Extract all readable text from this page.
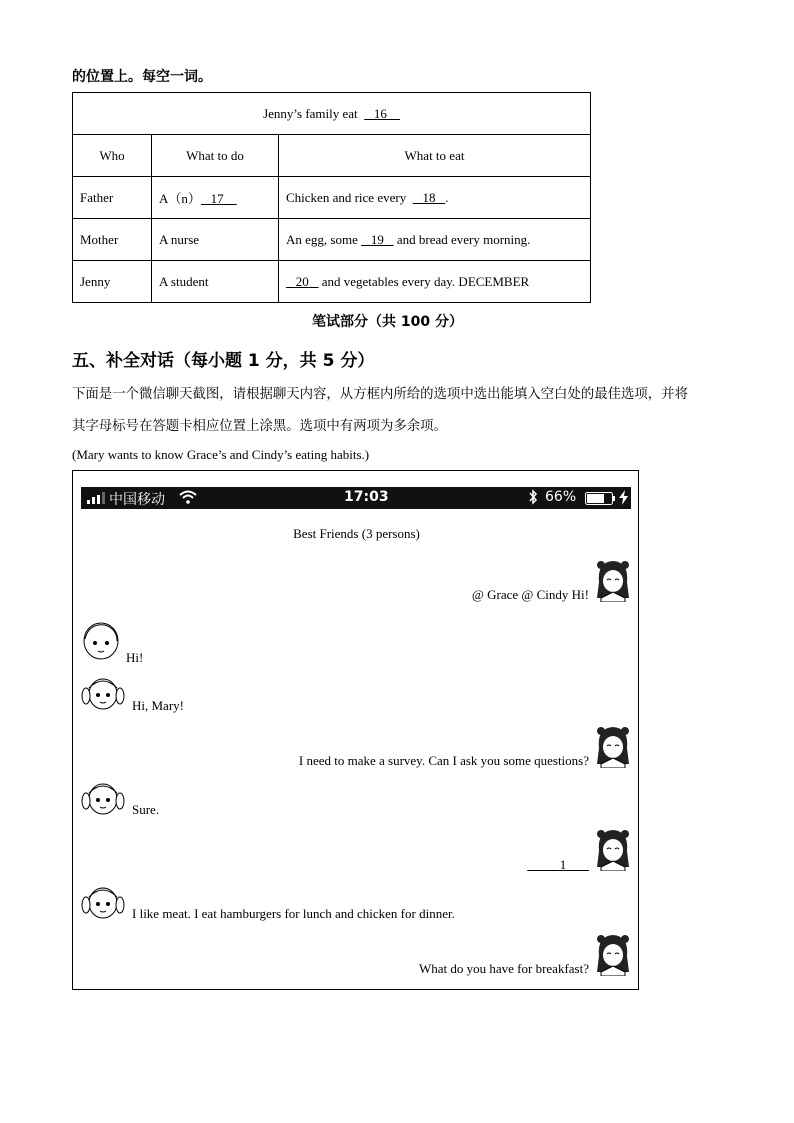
的位置上。每空一词。
Jenny’s family eat 16		
Who	What to do	What to eat
Father	A（n） 17	Chicken and rice every 18 .
Mother	A nurse	An egg, some 19 and bread every morning.
Jenny	A student	20 and vegetables every day. DECEMBER
笔试部分（共 100 分）
五、补全对话（每小题 1 分，共 5 分）
下面是一个微信聊天截图，请根据聊天内容，从方框内所给的选项中选出能填入空白处的最佳选项，并将
其字母标号在答题卡相应位置上涂黑。选项中有两项为多余项。
(Mary wants to know Grace’s and Cindy’s eating habits.)
中国移动	17:03	66%
Best Friends (3 persons)
@ Grace @ Cindy Hi!
Hi!
Hi, Mary!
I need to make a survey. Can I ask you some questions?
Sure.
1
I like meat. I eat hamburgers for lunch and chicken for dinner.
What do you have for breakfast?
